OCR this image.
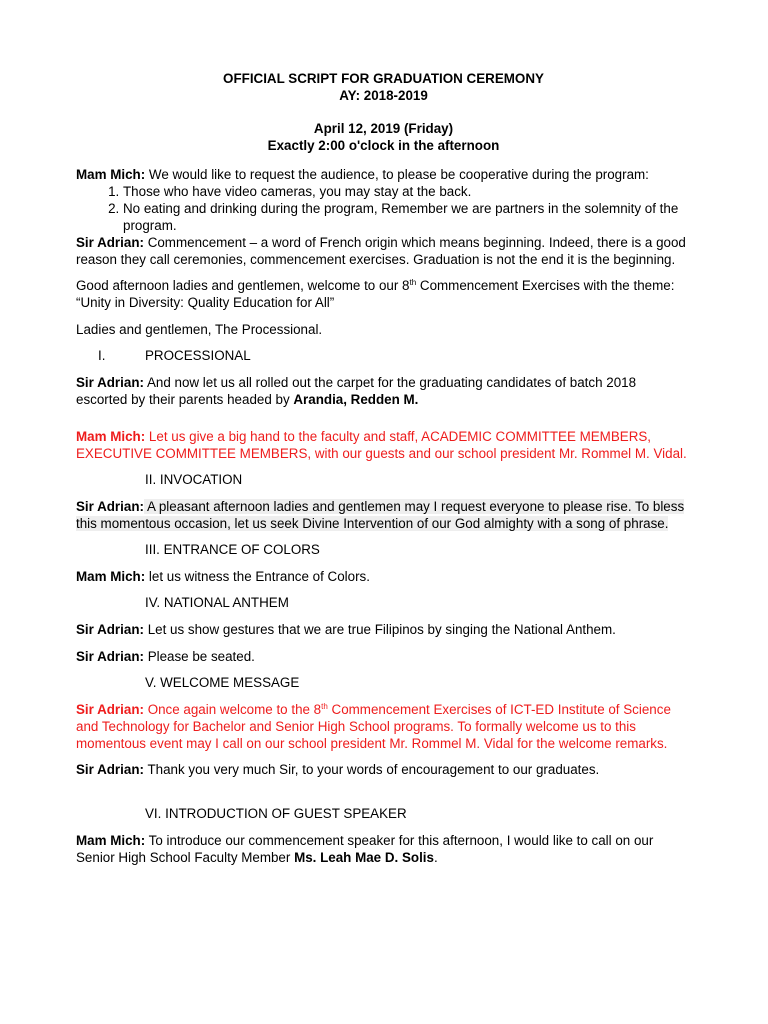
OFFICIAL SCRIPT FOR GRADUATION CEREMONY
AY: 2018-2019
April 12, 2019 (Friday)
Exactly 2:00 o'clock in the afternoon

Mam Mich: We would like to request the audience, to please be cooperative during the program:

1. Those who have video cameras, you may stay at the back.
2. No eating and drinking during the program, Remember we are partners in the solemnity of the program.

Sir Adrian: Commencement – a word of French origin which means beginning. Indeed, there is a good reason they call ceremonies, commencement exercises. Graduation is not the end it is the beginning.

Good afternoon ladies and gentlemen, welcome to our 8th Commencement Exercises with the theme: “Unity in Diversity: Quality Education for All”

Ladies and gentlemen, The Processional.

I.	PROCESSIONAL

Sir Adrian: And now let us all rolled out the carpet for the graduating candidates of batch 2018 escorted by their parents headed by Arandia, Redden M.

Mam Mich: Let us give a big hand to the faculty and staff, ACADEMIC COMMITTEE MEMBERS, EXECUTIVE COMMITTEE MEMBERS, with our guests and our school president Mr. Rommel M. Vidal.

II. INVOCATION

Sir Adrian: A pleasant afternoon ladies and gentlemen may I request everyone to please rise. To bless this momentous occasion, let us seek Divine Intervention of our God almighty with a song of phrase.

III. ENTRANCE OF COLORS

Mam Mich: let us witness the Entrance of Colors.

IV. NATIONAL ANTHEM

Sir Adrian: Let us show gestures that we are true Filipinos by singing the National Anthem.

Sir Adrian: Please be seated.

V. WELCOME MESSAGE

Sir Adrian: Once again welcome to the 8th Commencement Exercises of ICT-ED Institute of Science and Technology for Bachelor and Senior High School programs. To formally welcome us to this momentous event may I call on our school president Mr. Rommel M. Vidal for the welcome remarks.

Sir Adrian: Thank you very much Sir, to your words of encouragement to our graduates.

VI. INTRODUCTION OF GUEST SPEAKER

Mam Mich: To introduce our commencement speaker for this afternoon, I would like to call on our Senior High School Faculty Member Ms. Leah Mae D. Solis.
